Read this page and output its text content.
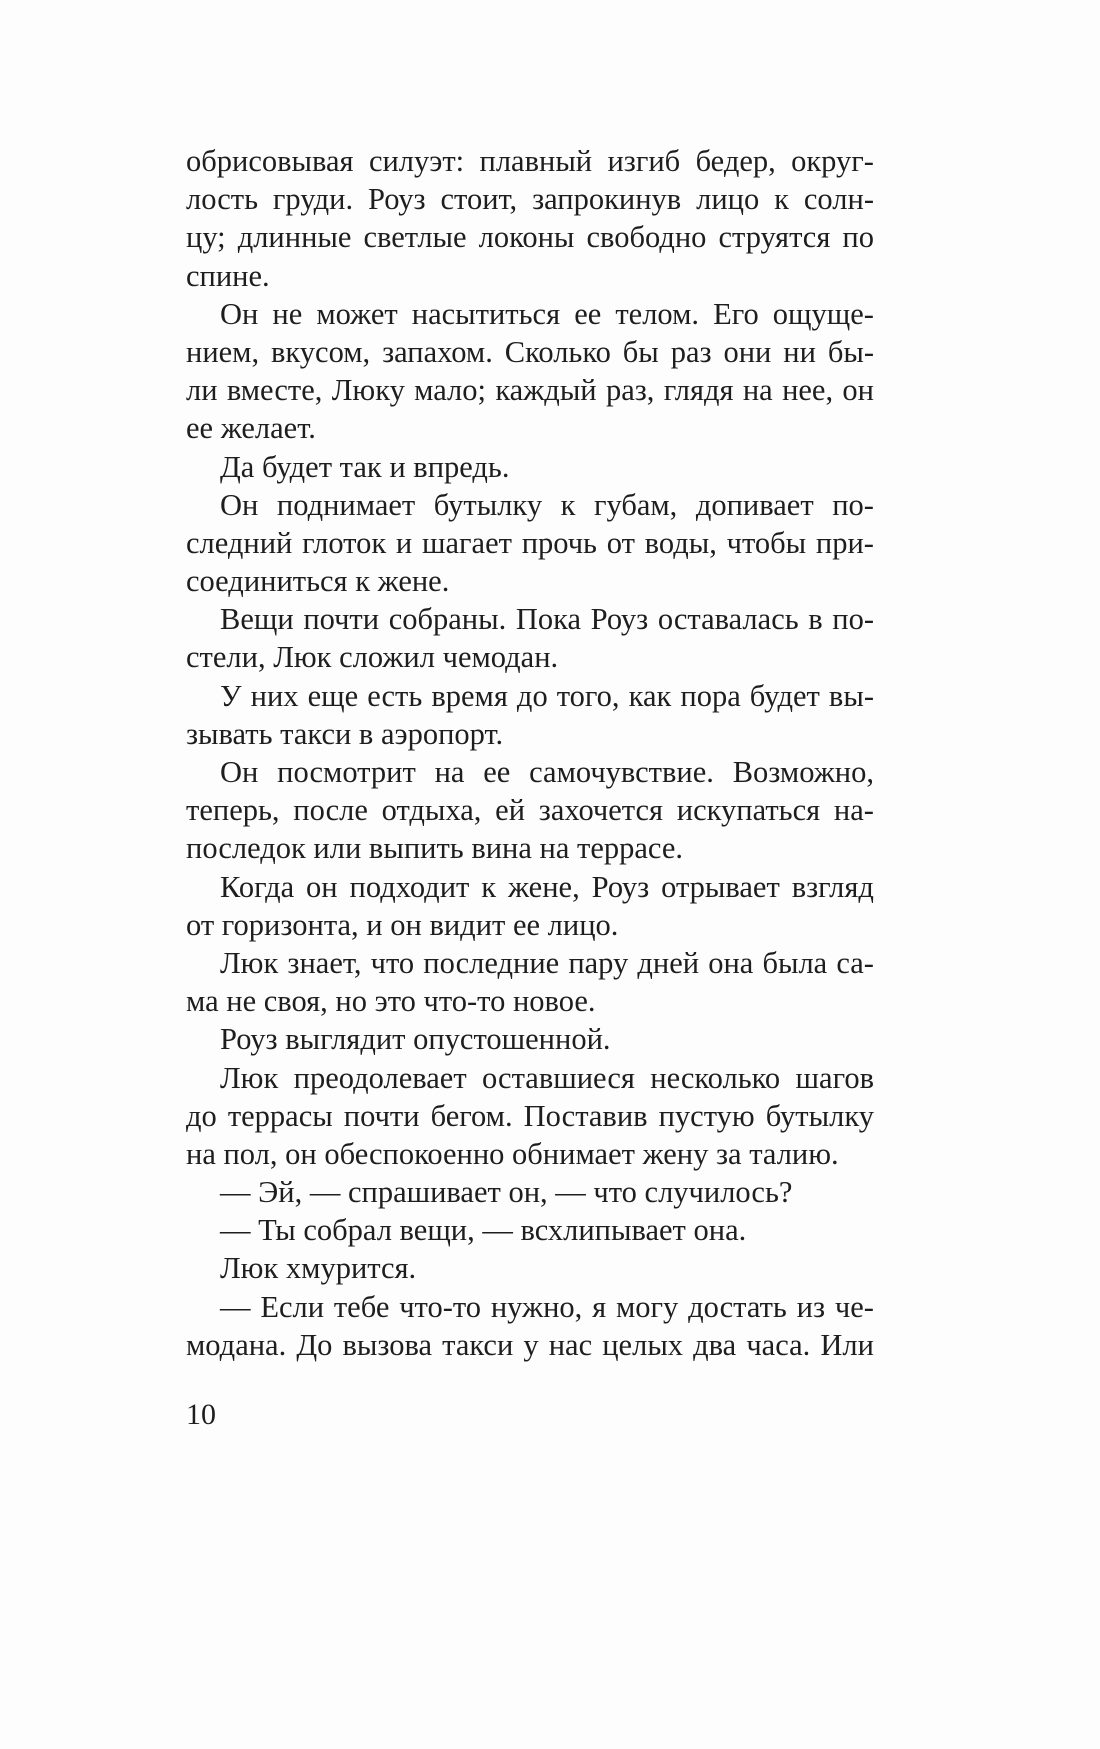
обрисовывая силуэт: плавный изгиб бедер, округ-
лость груди. Роуз стоит, запрокинув лицо к солн-
цу; длинные светлые локоны свободно струятся по
спине.
Он не может насытиться ее телом. Его ощуще-
нием, вкусом, запахом. Сколько бы раз они ни бы-
ли вместе, Люку мало; каждый раз, глядя на нее, он
ее желает.
Да будет так и впредь.
Он поднимает бутылку к губам, допивает по-
следний глоток и шагает прочь от воды, чтобы при-
соединиться к жене.
Вещи почти собраны. Пока Роуз оставалась в по-
стели, Люк сложил чемодан.
У них еще есть время до того, как пора будет вы-
зывать такси в аэропорт.
Он посмотрит на ее самочувствие. Возможно,
теперь, после отдыха, ей захочется искупаться на-
последок или выпить вина на террасе.
Когда он подходит к жене, Роуз отрывает взгляд
от горизонта, и он видит ее лицо.
Люк знает, что последние пару дней она была са-
ма не своя, но это что-то новое.
Роуз выглядит опустошенной.
Люк преодолевает оставшиеся несколько шагов
до террасы почти бегом. Поставив пустую бутылку
на пол, он обеспокоенно обнимает жену за талию.
— Эй, — спрашивает он, — что случилось?
— Ты собрал вещи, — всхлипывает она.
Люк хмурится.
— Если тебе что-то нужно, я могу достать из че-
модана. До вызова такси у нас целых два часа. Или
10
